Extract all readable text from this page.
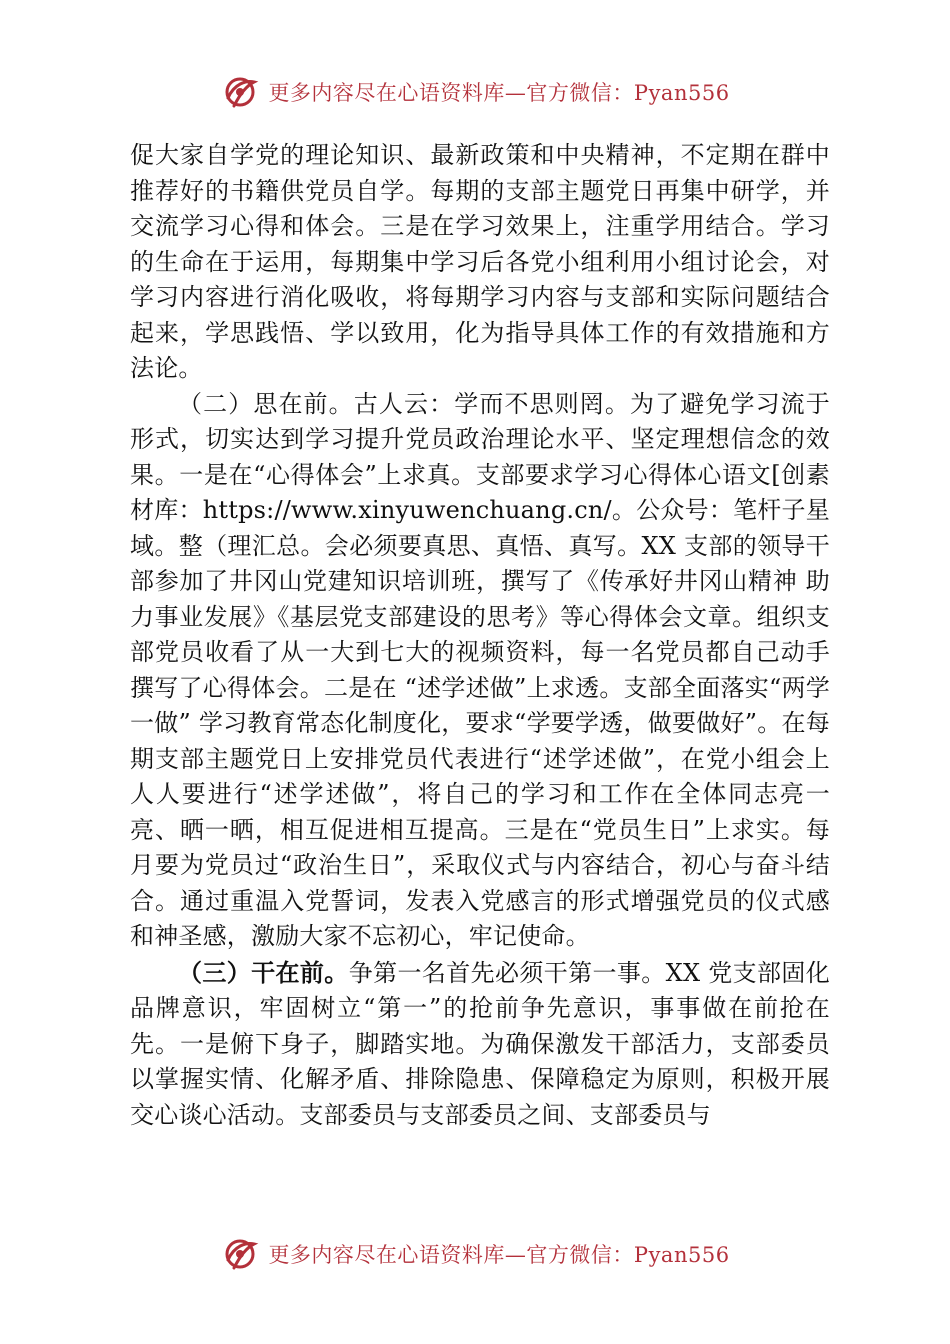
更多内容尽在心语资料库—官方微信：Pyan556

促大家自学党的理论知识、最新政策和中央精神，不定期在群中推荐好的书籍供党员自学。每期的支部主题党日再集中研学，并交流学习心得和体会。三是在学习效果上，注重学用结合。学习的生命在于运用，每期集中学习后各党小组利用小组讨论会，对学习内容进行消化吸收，将每期学习内容与支部和实际问题结合起来，学思践悟、学以致用，化为指导具体工作的有效措施和方法论。

（二）思在前。古人云：学而不思则罔。为了避免学习流于形式，切实达到学习提升党员政治理论水平、坚定理想信念的效果。一是在“心得体会”上求真。支部要求学习心得体心语文[创素材库：https://www.xinyuwenchuang.cn/。公众号：笔杆子星域。整（理汇总。会必须要真思、真悟、真写。XX 支部的领导干部参加了井冈山党建知识培训班，撰写了《传承好井冈山精神 助力事业发展》《基层党支部建设的思考》等心得体会文章。组织支部党员收看了从一大到七大的视频资料，每一名党员都自己动手撰写了心得体会。二是在 “述学述做”上求透。支部全面落实“两学一做” 学习教育常态化制度化，要求“学要学透，做要做好”。在每期支部主题党日上安排党员代表进行“述学述做”，在党小组会上人人要进行“述学述做”，将自己的学习和工作在全体同志亮一亮、晒一晒，相互促进相互提高。三是在“党员生日”上求实。每月要为党员过“政治生日”，采取仪式与内容结合，初心与奋斗结合。通过重温入党誓词，发表入党感言的形式增强党员的仪式感和神圣感，激励大家不忘初心，牢记使命。

（三）干在前。争第一名首先必须干第一事。XX 党支部固化品牌意识，牢固树立“第一”的抢前争先意识，事事做在前抢在先。一是俯下身子，脚踏实地。为确保激发干部活力，支部委员以掌握实情、化解矛盾、排除隐患、保障稳定为原则，积极开展交心谈心活动。支部委员与支部委员之间、支部委员与

更多内容尽在心语资料库—官方微信：Pyan556
